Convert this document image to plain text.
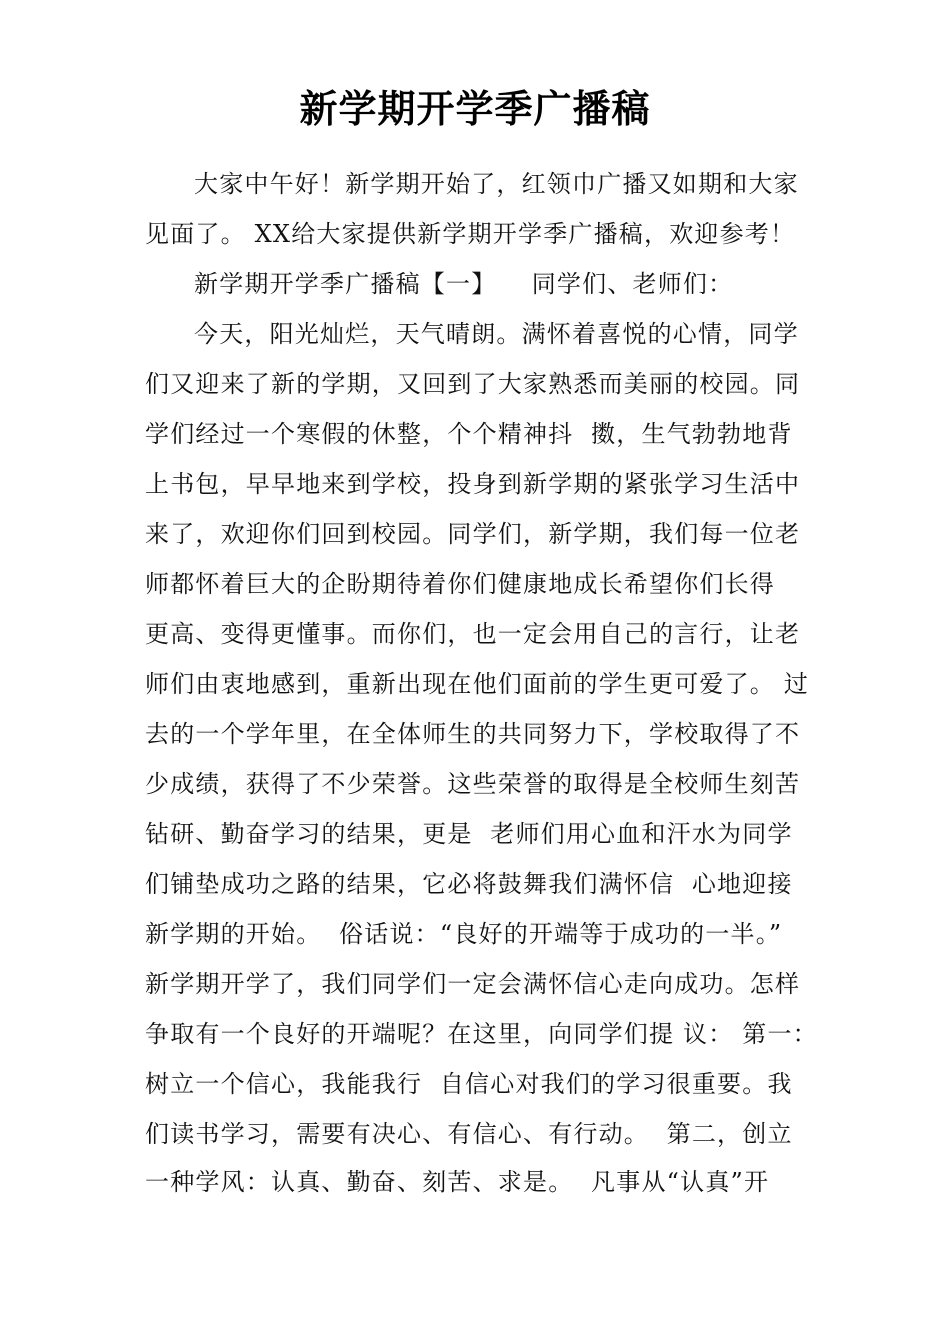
新学期开学季广播稿
大家中午好！新学期开始了，红领巾广播又如期和大家
见面了。 XX给大家提供新学期开学季广播稿，欢迎参考！
新学期开学季广播稿【一】    同学们、老师们：
今天，阳光灿烂，天气晴朗。满怀着喜悦的心情，同学
们又迎来了新的学期，又回到了大家熟悉而美丽的校园。同
学们经过一个寒假的休整，个个精神抖  擞，生气勃勃地背
上书包，早早地来到学校，投身到新学期的紧张学习生活中
来了，欢迎你们回到校园。同学们，新学期，我们每一位老
师都怀着巨大的企盼期待着你们健康地成长希望你们长得
更高、变得更懂事。而你们，也一定会用自己的言行，让老
师们由衷地感到，重新出现在他们面前的学生更可爱了。 过
去的一个学年里，在全体师生的共同努力下，学校取得了不
少成绩，获得了不少荣誉。这些荣誉的取得是全校师生刻苦
钻研、勤奋学习的结果，更是  老师们用心血和汗水为同学
们铺垫成功之路的结果，它必将鼓舞我们满怀信  心地迎接
新学期的开始。  俗话说：“良好的开端等于成功的一半。”
新学期开学了，我们同学们一定会满怀信心走向成功。怎样
争取有一个良好的开端呢？在这里，向同学们提 议： 第一：
树立一个信心，我能我行  自信心对我们的学习很重要。我
们读书学习，需要有决心、有信心、有行动。  第二，创立
一种学风：认真、勤奋、刻苦、求是。  凡事从“认真”开
